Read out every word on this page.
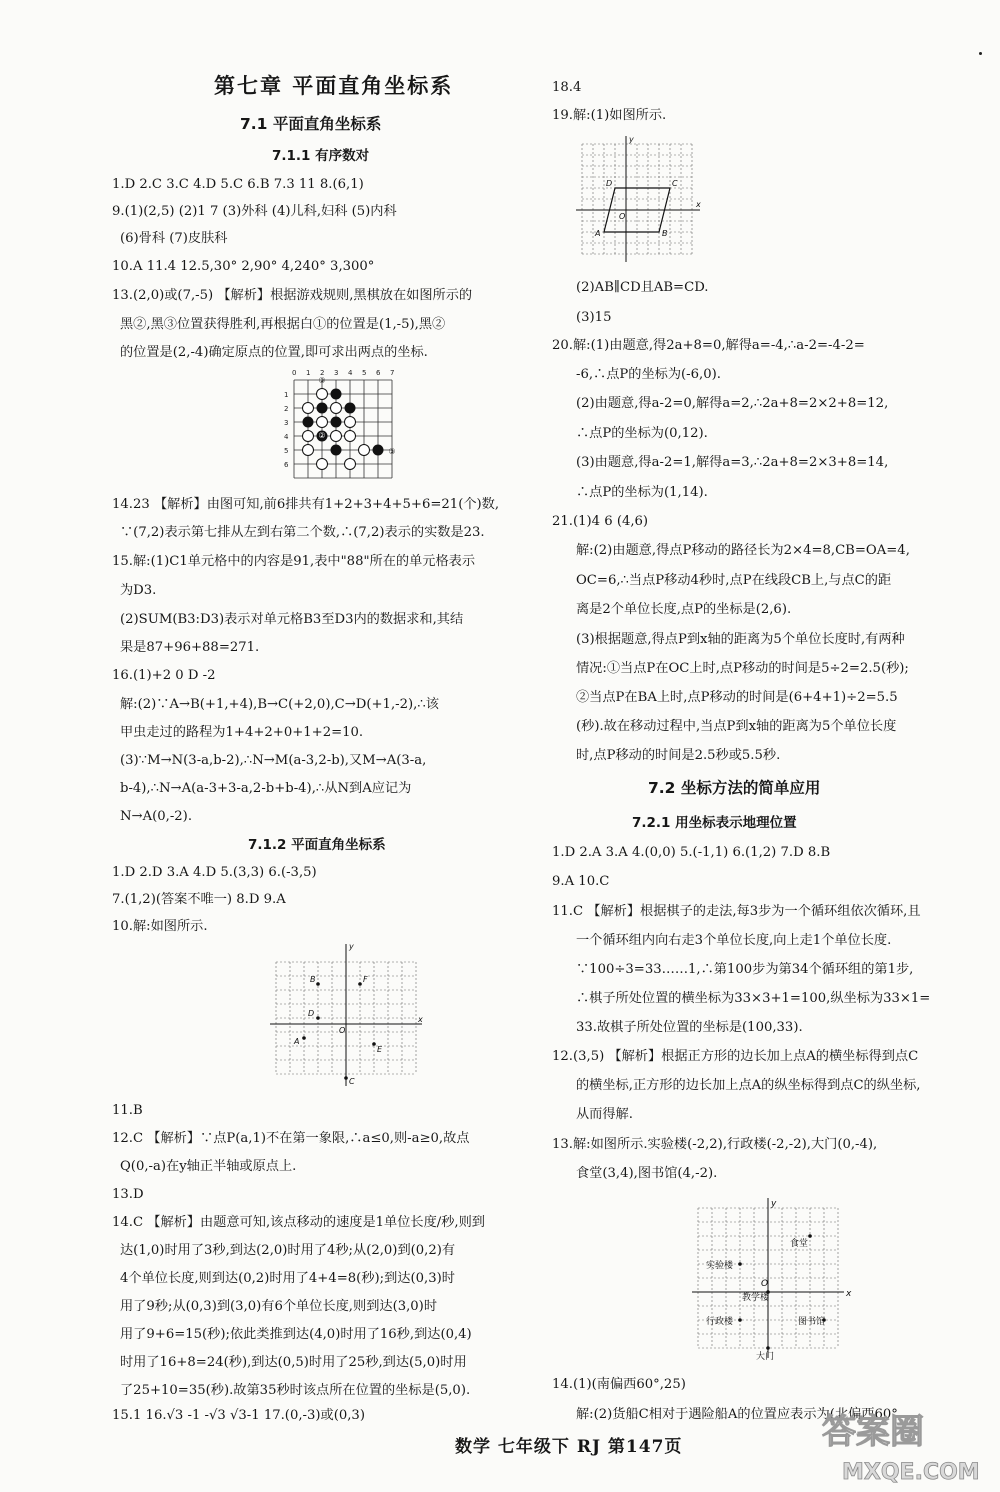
第七章 平面直角坐标系
7.1 平面直角坐标系
7.1.1 有序数对
1.D 2.C 3.C 4.D 5.C 6.B 7.3 11 8.(6,1)
9.(1)(2,5) (2)1 7 (3)外科 (4)儿科,妇科 (5)内科
(6)骨科 (7)皮肤科
10.A 11.4 12.5,30° 2,90° 4,240° 3,300°
13.(2,0)或(7,-5) 【解析】根据游戏规则,黑棋放在如图所示的
黑②,黑③位置获得胜利,再根据白①的位置是(1,-5),黑②
的位置是(2,-4)确定原点的位置,即可求出两点的坐标.
0 1 2 3 4 5 6 7
1
2
3
4
5
6
③
②
③
14.23 【解析】由图可知,前6排共有1+2+3+4+5+6=21(个)数,
∵(7,2)表示第七排从左到右第二个数,∴(7,2)表示的实数是23.
15.解:(1)C1单元格中的内容是91,表中"88"所在的单元格表示
为D3.
(2)SUM(B3:D3)表示对单元格B3至D3内的数据求和,其结
果是87+96+88=271.
16.(1)+2 0 D -2
解:(2)∵A→B(+1,+4),B→C(+2,0),C→D(+1,-2),∴该
甲虫走过的路程为1+4+2+0+1+2=10.
(3)∵M→N(3-a,b-2),∴N→M(a-3,2-b),又M→A(3-a,
b-4),∴N→A(a-3+3-a,2-b+b-4),∴从N到A应记为
N→A(0,-2).
7.1.2 平面直角坐标系
1.D 2.D 3.A 4.D 5.(3,3) 6.(-3,5)
7.(1,2)(答案不唯一) 8.D 9.A
10.解:如图所示.
B	F
D
O
E
A
C
y
x
11.B
12.C 【解析】∵点P(a,1)不在第一象限,∴a≤0,则-a≥0,故点
Q(0,-a)在y轴正半轴或原点上.
13.D
14.C 【解析】由题意可知,该点移动的速度是1单位长度/秒,则到
达(1,0)时用了3秒,到达(2,0)时用了4秒;从(2,0)到(0,2)有
4个单位长度,则到达(0,2)时用了4+4=8(秒);到达(0,3)时
用了9秒;从(0,3)到(3,0)有6个单位长度,则到达(3,0)时
用了9+6=15(秒);依此类推到达(4,0)时用了16秒,到达(0,4)
时用了16+8=24(秒),到达(0,5)时用了25秒,到达(5,0)时用
了25+10=35(秒).故第35秒时该点所在位置的坐标是(5,0).
15.1 16.√3 -1 -√3 √3-1 17.(0,-3)或(0,3)
18.4
19.解:(1)如图所示.
D	C
A	B
O
y
x
(2)AB∥CD且AB=CD.
(3)15
20.解:(1)由题意,得2a+8=0,解得a=-4,∴a-2=-4-2=
-6,∴点P的坐标为(-6,0).
(2)由题意,得a-2=0,解得a=2,∴2a+8=2×2+8=12,
∴点P的坐标为(0,12).
(3)由题意,得a-2=1,解得a=3,∴2a+8=2×3+8=14,
∴点P的坐标为(1,14).
21.(1)4 6 (4,6)
解:(2)由题意,得点P移动的路径长为2×4=8,CB=OA=4,
OC=6,∴当点P移动4秒时,点P在线段CB上,与点C的距
离是2个单位长度,点P的坐标是(2,6).
(3)根据题意,得点P到x轴的距离为5个单位长度时,有两种
情况:①当点P在OC上时,点P移动的时间是5÷2=2.5(秒);
②当点P在BA上时,点P移动的时间是(6+4+1)÷2=5.5
(秒).故在移动过程中,当点P到x轴的距离为5个单位长度
时,点P移动的时间是2.5秒或5.5秒.
7.2 坐标方法的简单应用
7.2.1 用坐标表示地理位置
1.D 2.A 3.A 4.(0,0) 5.(-1,1) 6.(1,2) 7.D 8.B
9.A 10.C
11.C 【解析】根据棋子的走法,每3步为一个循环组依次循环,且
一个循环组内向右走3个单位长度,向上走1个单位长度.
∵100÷3=33……1,∴第100步为第34个循环组的第1步,
∴棋子所处位置的横坐标为33×3+1=100,纵坐标为33×1=
33.故棋子所处位置的坐标是(100,33).
12.(3,5) 【解析】根据正方形的边长加上点A的横坐标得到点C
的横坐标,正方形的边长加上点A的纵坐标得到点C的纵坐标,
从而得解.
13.解:如图所示.实验楼(-2,2),行政楼(-2,-2),大门(0,-4),
食堂(3,4),图书馆(4,-2).
食堂
实验楼
O
教学楼
行政楼	图书馆
大门
x
y
14.(1)(南偏西60°,25)
解:(2)货船C相对于遇险船A的位置应表示为(北偏西60°,
答案圈
MXQE.COM
数学 七年级下 RJ 第147页
